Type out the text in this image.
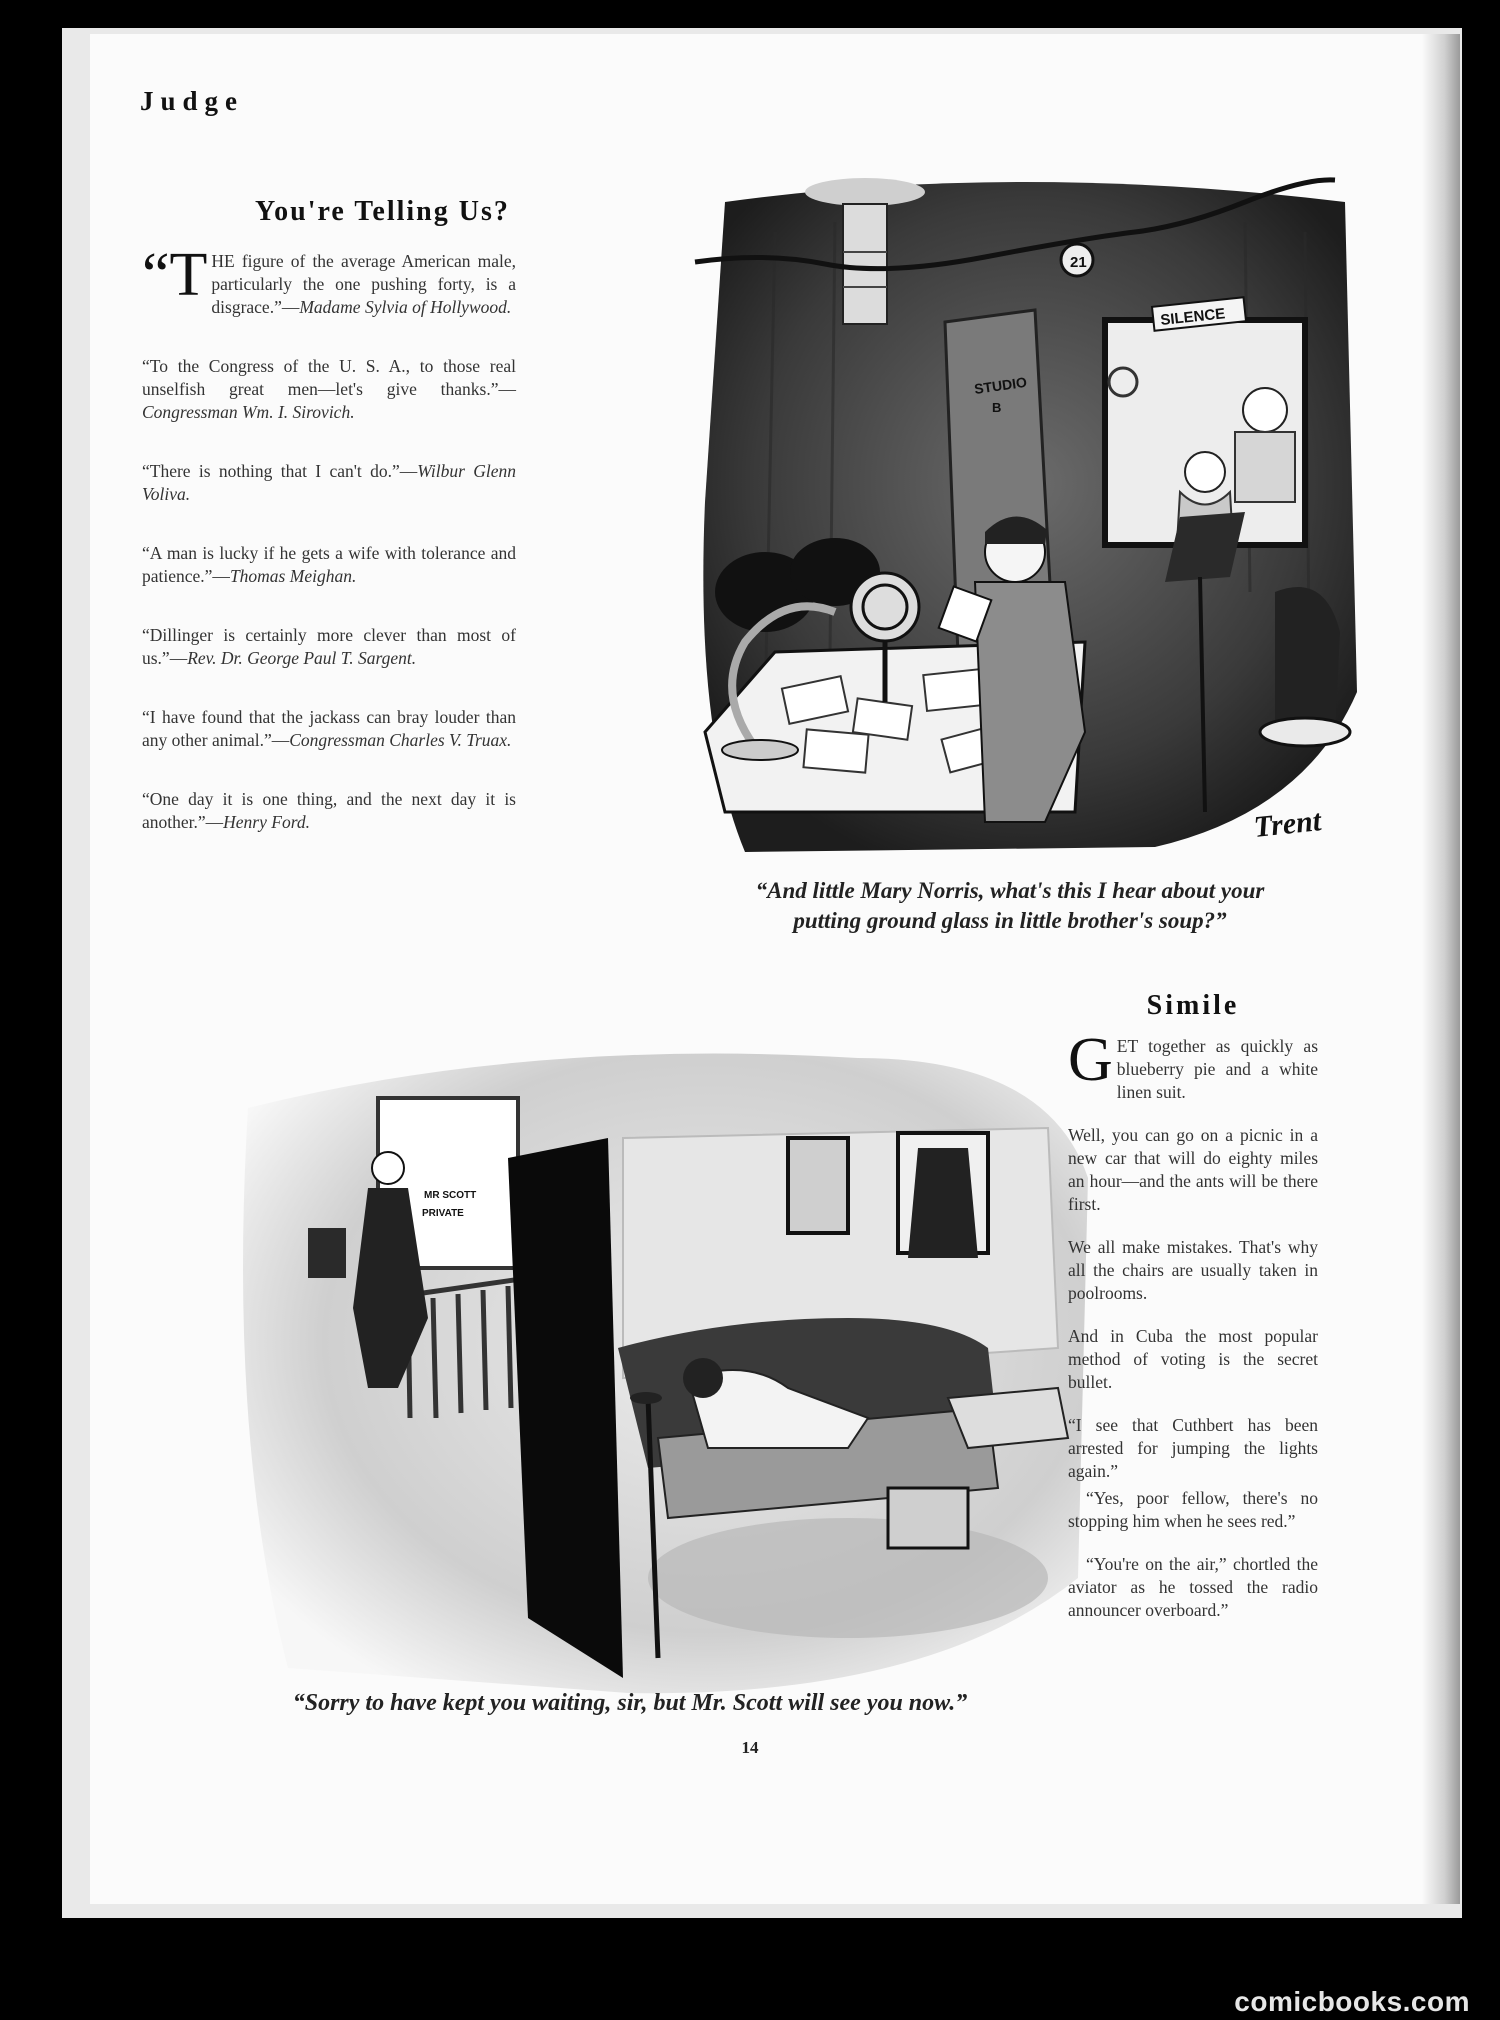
Judge
You're Telling Us?

“THE figure of the average American male, particularly the one pushing forty, is a disgrace.”—Madame Sylvia of Hollywood.

“To the Congress of the U. S. A., to those real unselfish great men—let's give thanks.”—Congressman Wm. I. Sirovich.

“There is nothing that I can't do.”—Wilbur Glenn Voliva.

“A man is lucky if he gets a wife with tolerance and patience.”—Thomas Meighan.

“Dillinger is certainly more clever than most of us.”—Rev. Dr. George Paul T. Sargent.

“I have found that the jackass can bray louder than any other animal.”—Congressman Charles V. Truax.

“One day it is one thing, and the next day it is another.”—Henry Ford.

21
STUDIO
B
SILENCE
Trent
“And little Mary Norris, what's this I hear about your
putting ground glass in little brother's soup?”
MR SCOTT
PRIVATE
“Sorry to have kept you waiting, sir, but Mr. Scott will see you now.”
Simile

GET together as quickly as blueberry pie and a white linen suit.

Well, you can go on a picnic in a new car that will do eighty miles an hour—and the ants will be there first.

We all make mistakes. That's why all the chairs are usually taken in poolrooms.

And in Cuba the most popular method of voting is the secret bullet.

“I see that Cuthbert has been arrested for jumping the lights again.”

“Yes, poor fellow, there's no stopping him when he sees red.”

“You're on the air,” chortled the aviator as he tossed the radio announcer overboard.”

14
comicbooks.com
